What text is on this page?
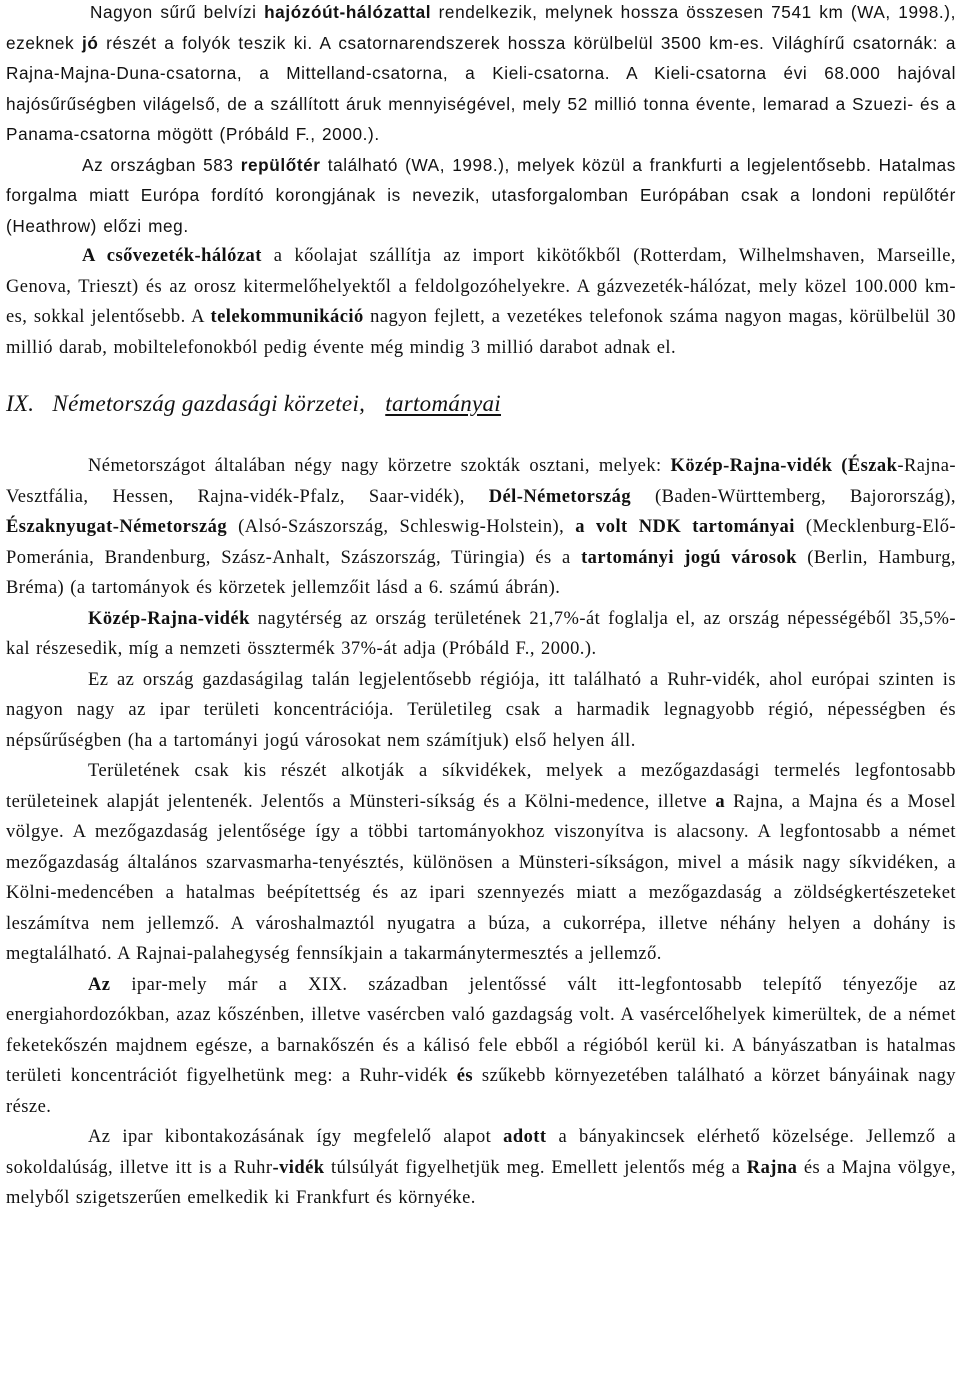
Nagyon sűrű belvízi hajózóút-hálózattal rendelkezik, melynek hossza összesen 7541 km (WA, 1998.), ezeknek jó részét a folyók teszik ki. A csatornarendszerek hossza körülbelül 3500 km-es. Világhírű csatornák: a Rajna-Majna-Duna-csatorna, a Mittelland-csatorna, a Kieli-csatorna. A Kieli-csatorna évi 68.000 hajóval hajósűrűségben világelső, de a szállított áruk mennyiségével, mely 52 millió tonna évente, lemarad a Szuezi- és a Panama-csatorna mögött (Próbáld F., 2000.).

Az országban 583 repülőtér található (WA, 1998.), melyek közül a frankfurti a legjelentősebb. Hatalmas forgalma miatt Európa fordító korongjának is nevezik, utasforgalomban Európában csak a londoni repülőtér (Heathrow) előzi meg.

A csővezeték-hálózat a kőolajat szállítja az import kikötőkből (Rotterdam, Wilhelmshaven, Marseille, Genova, Trieszt) és az orosz kitermelőhelyektől a feldolgozóhelyekre. A gázvezeték-hálózat, mely közel 100.000 km-es, sokkal jelentősebb. A telekommunikáció nagyon fejlett, a vezetékes telefonok száma nagyon magas, körülbelül 30 millió darab, mobiltelefonokból pedig évente még mindig 3 millió darabot adnak el.

IX. Németország gazdasági körzetei, tartományai

Németországot általában négy nagy körzetre szokták osztani, melyek: Közép-Rajna-vidék (Észak-Rajna-Vesztfália, Hessen, Rajna-vidék-Pfalz, Saar-vidék), Dél-Németország (Baden-Württemberg, Bajorország), Északnyugat-Németország (Alsó-Szászország, Schleswig-Holstein), a volt NDK tartományai (Mecklenburg-Elő-Pomeránia, Brandenburg, Szász-Anhalt, Szászország, Türingia) és a tartományi jogú városok (Berlin, Hamburg, Bréma) (a tartományok és körzetek jellemzőit lásd a 6. számú ábrán).

Közép-Rajna-vidék nagytérség az ország területének 21,7%-át foglalja el, az ország népességéből 35,5%-kal részesedik, míg a nemzeti össztermék 37%-át adja (Próbáld F., 2000.).

Ez az ország gazdaságilag talán legjelentősebb régiója, itt található a Ruhr-vidék, ahol európai szinten is nagyon nagy az ipar területi koncentrációja. Területileg csak a harmadik legnagyobb régió, népességben és népsűrűségben (ha a tartományi jogú városokat nem számítjuk) első helyen áll.

Területének csak kis részét alkotják a síkvidékek, melyek a mezőgazdasági termelés legfontosabb területeinek alapját jelentenék. Jelentős a Münsteri-síkság és a Kölni-medence, illetve a Rajna, a Majna és a Mosel völgye. A mezőgazdaság jelentősége így a többi tartományokhoz viszonyítva is alacsony. A legfontosabb a német mezőgazdaság általános szarvasmarha-tenyésztés, különösen a Münsteri-síkságon, mivel a másik nagy síkvidéken, a Kölni-medencében a hatalmas beépítettség és az ipari szennyezés miatt a mezőgazdaság a zöldségkertészeteket leszámítva nem jellemző. A városhalmaztól nyugatra a búza, a cukorrépa, illetve néhány helyen a dohány is megtalálható. A Rajnai-palahegység fennsíkjain a takarmánytermesztés a jellemző.

Az ipar-mely már a XIX. században jelentőssé vált itt-legfontosabb telepítő tényezője az energiahordozókban, azaz kőszénben, illetve vasércben való gazdagság volt. A vasércelőhelyek kimerültek, de a német feketekőszén majdnem egésze, a barnakőszén és a kálisó fele ebből a régióból kerül ki. A bányászatban is hatalmas területi koncentrációt figyelhetünk meg: a Ruhr-vidék és szűkebb környezetében található a körzet bányáinak nagy része.

Az ipar kibontakozásának így megfelelő alapot adott a bányakincsek elérhető közelsége. Jellemző a sokoldalúság, illetve itt is a Ruhr-vidék túlsúlyát figyelhetjük meg. Emellett jelentős még a Rajna és a Majna völgye, melyből szigetszerűen emelkedik ki Frankfurt és környéke.
